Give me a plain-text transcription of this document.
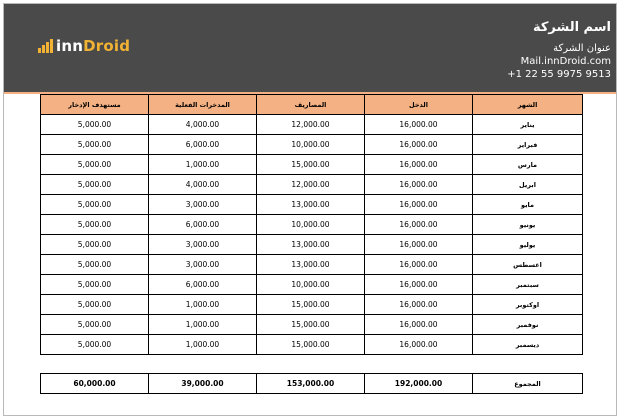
innDroid
اسم الشركة
عنوان الشركة
Mail.innDroid.com
+1 22 55 9975 9513
مستهدف الإدخار	المدخرات الفعلية	المصاريف	الدخل	الشهر
5,000.00	4,000.00	12,000.00	16,000.00	يناير
5,000.00	6,000.00	10,000.00	16,000.00	فبراير
5,000.00	1,000.00	15,000.00	16,000.00	مارس
5,000.00	4,000.00	12,000.00	16,000.00	ابريل
5,000.00	3,000.00	13,000.00	16,000.00	مايو
5,000.00	6,000.00	10,000.00	16,000.00	يونيو
5,000.00	3,000.00	13,000.00	16,000.00	يوليو
5,000.00	3,000.00	13,000.00	16,000.00	اغسطس
5,000.00	6,000.00	10,000.00	16,000.00	سبتمبر
5,000.00	1,000.00	15,000.00	16,000.00	اوكتوبر
5,000.00	1,000.00	15,000.00	16,000.00	نوفمبر
5,000.00	1,000.00	15,000.00	16,000.00	ديسمبر
60,000.00	39,000.00	153,000.00	192,000.00	المجموع
